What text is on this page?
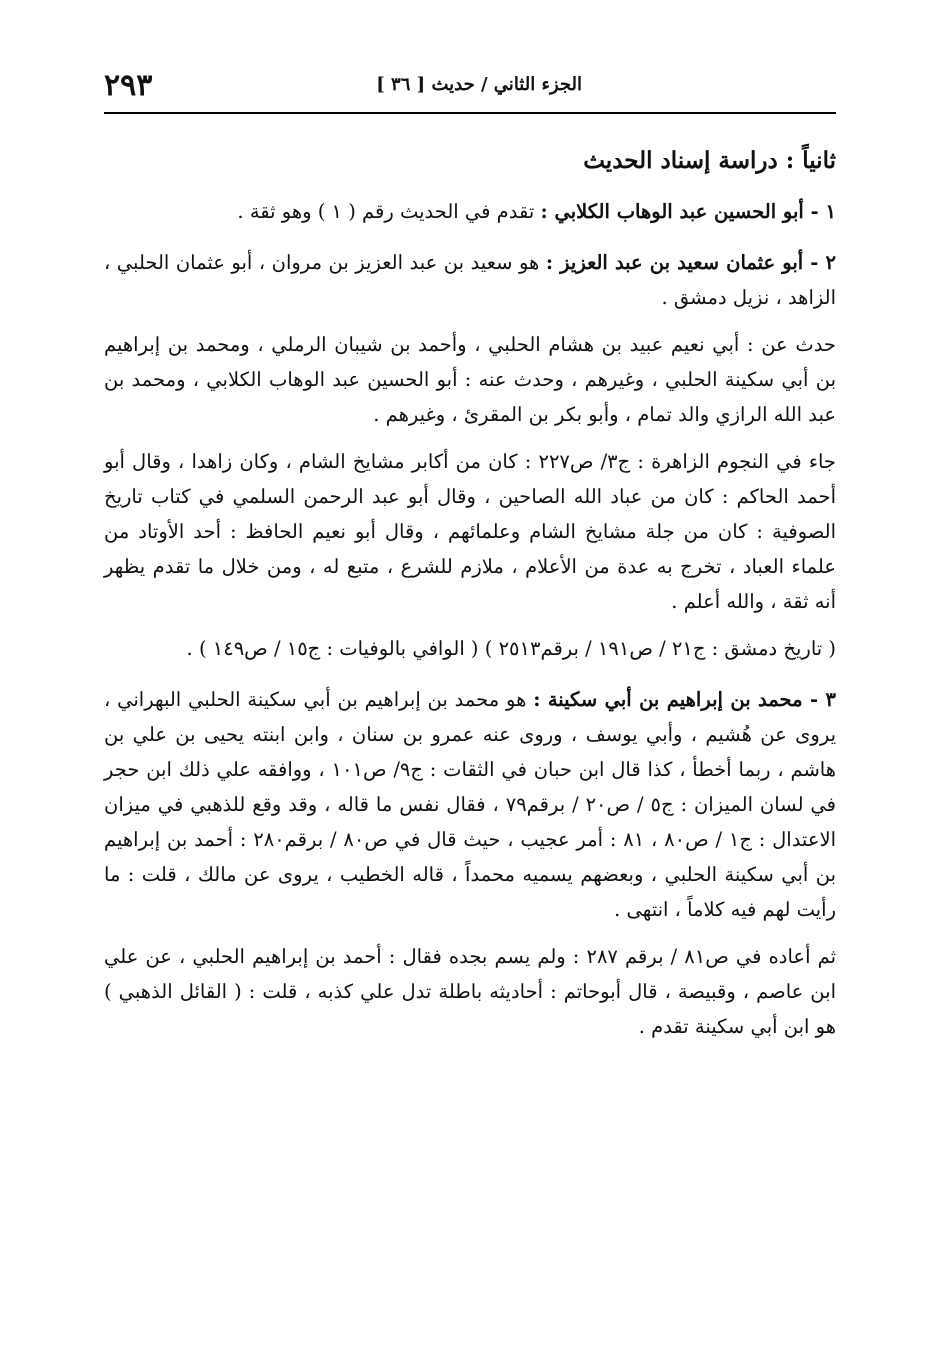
٢٩٣	الجزء الثاني / حديث [ ٣٦ ]
ثانياً : دراسة إسناد الحديث

١ - أبو الحسين عبد الوهاب الكلابي : تقدم في الحديث رقم ( ١ ) وهو ثقة .

٢ - أبو عثمان سعيد بن عبد العزيز : هو سعيد بن عبد العزيز بن مروان ، أبو عثمان الحلبي ، الزاهد ، نزيل دمشق .

حدث عن : أبي نعيم عبيد بن هشام الحلبي ، وأحمد بن شيبان الرملي ، ومحمد بن إبراهيم بن أبي سكينة الحلبي ، وغيرهم ، وحدث عنه : أبو الحسين عبد الوهاب الكلابي ، ومحمد بن عبد الله الرازي والد تمام ، وأبو بكر بن المقرئ ، وغيرهم .

جاء في النجوم الزاهرة : ج٣/ ص٢٢٧ : كان من أكابر مشايخ الشام ، وكان زاهدا ، وقال أبو أحمد الحاكم : كان من عباد الله الصاحين ، وقال أبو عبد الرحمن السلمي في كتاب تاريخ الصوفية : كان من جلة مشايخ الشام وعلمائهم ، وقال أبو نعيم الحافظ : أحد الأوتاد من علماء العباد ، تخرج به عدة من الأعلام ، ملازم للشرع ، متبع له ، ومن خلال ما تقدم يظهر أنه ثقة ، والله أعلم .

( تاريخ دمشق : ج٢١ / ص١٩١ / برقم٢٥١٣ ) ( الوافي بالوفيات : ج١٥ / ص١٤٩ ) .

٣ - محمد بن إبراهيم بن أبي سكينة : هو محمد بن إبراهيم بن أبي سكينة الحلبي البهراني ، يروى عن هُشيم ، وأبي يوسف ، وروى عنه عمرو بن سنان ، وابن ابنته يحيى بن علي بن هاشم ، ربما أخطأ ، كذا قال ابن حبان في الثقات : ج٩/ ص١٠١ ، ووافقه علي ذلك ابن حجر في لسان الميزان : ج٥ / ص٢٠ / برقم٧٩ ، فقال نفس ما قاله ، وقد وقع للذهبي في ميزان الاعتدال : ج١ / ص٨٠ ، ٨١ : أمر عجيب ، حيث قال في ص٨٠ / برقم٢٨٠ : أحمد بن إبراهيم بن أبي سكينة الحلبي ، وبعضهم يسميه محمداً ، قاله الخطيب ، يروى عن مالك ، قلت : ما رأيت لهم فيه كلاماً ، انتهى .

ثم أعاده في ص٨١ / برقم ٢٨٧ : ولم يسم بجده فقال : أحمد بن إبراهيم الحلبي ، عن علي ابن عاصم ، وقبيصة ، قال أبوحاتم : أحاديثه باطلة تدل علي كذبه ، قلت : ( القائل الذهبي ) هو ابن أبي سكينة تقدم .
